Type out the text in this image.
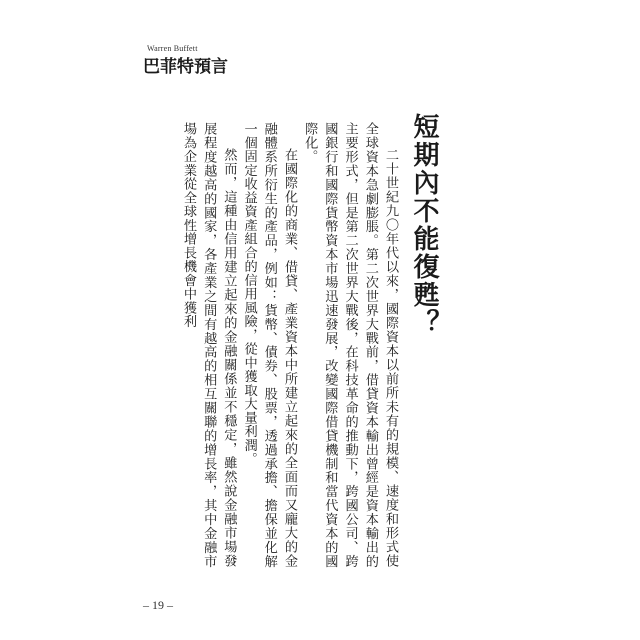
Warren Buffett
巴菲特預言
短期內不能復甦？

二十世紀九〇年代以來，國際資本以前所未有的規模、速度和形式使全球資本急劇膨脹。第二次世界大戰前，借貸資本輸出曾經是資本輸出的主要形式，但是第二次世界大戰後，在科技革命的推動下，跨國公司、跨國銀行和國際貨幣資本市場迅速發展，改變國際借貸機制和當代資本的國際化。

在國際化的商業、借貸、產業資本中所建立起來的全面而又龐大的金融體系所衍生的產品，例如：貨幣、債券、股票，透過承擔、擔保並化解一個固定收益資產組合的信用風險，從中獲取大量利潤。

然而，這種由信用建立起來的金融關係並不穩定，雖然說金融市場發展程度越高的國家，各產業之間有越高的相互關聯的增長率，其中金融市場為企業從全球性增長機會中獲利

– 19 –
